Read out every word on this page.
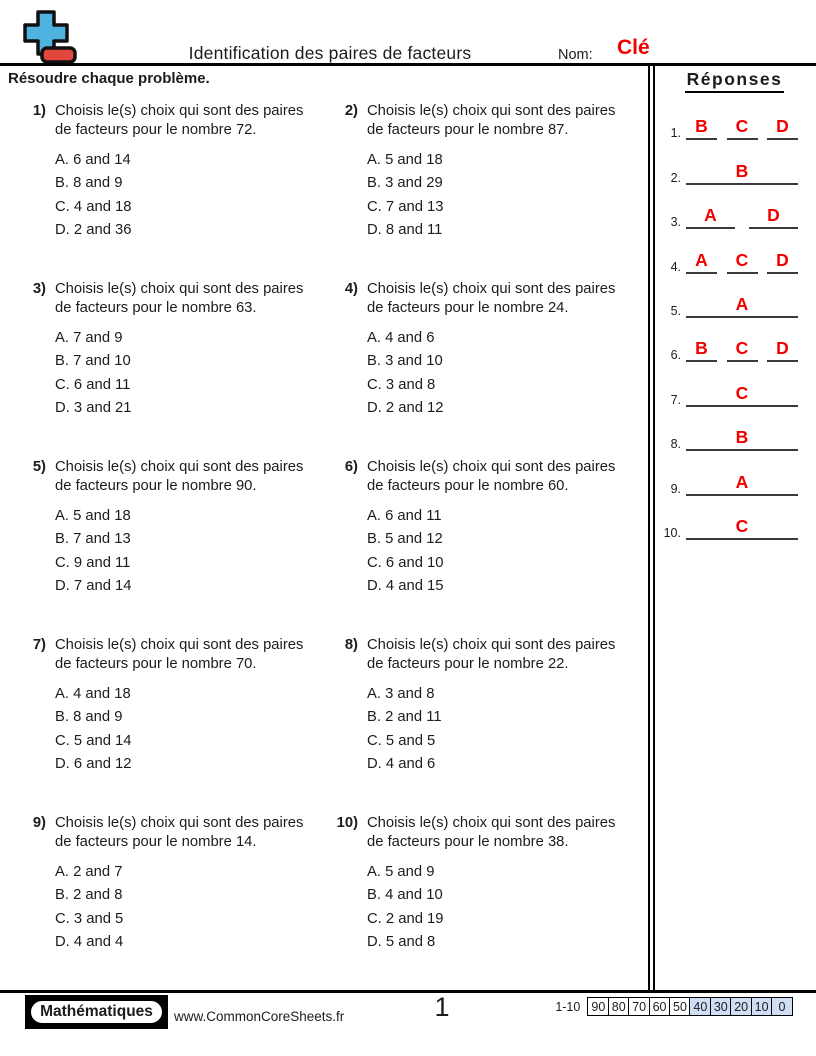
Identification des paires de facteurs	Nom: Clé
Résoudre chaque problème.	Réponses
1. B	C	D
2.	B
3.	A	D
4. A	C	D
5.	A
6. B	C	D
7.	C
8.	B
9.	A
10.	C
1) Choisis le(s) choix qui sont des paires
de facteurs pour le nombre 72.
A. 6 and 14
B. 8 and 9
C. 4 and 18
D. 2 and 36
2) Choisis le(s) choix qui sont des paires
de facteurs pour le nombre 87.
A. 5 and 18
B. 3 and 29
C. 7 and 13
D. 8 and 11
3) Choisis le(s) choix qui sont des paires
de facteurs pour le nombre 63.
A. 7 and 9
B. 7 and 10
C. 6 and 11
D. 3 and 21
4) Choisis le(s) choix qui sont des paires
de facteurs pour le nombre 24.
A. 4 and 6
B. 3 and 10
C. 3 and 8
D. 2 and 12
5) Choisis le(s) choix qui sont des paires
de facteurs pour le nombre 90.
A. 5 and 18
B. 7 and 13
C. 9 and 11
D. 7 and 14
6) Choisis le(s) choix qui sont des paires
de facteurs pour le nombre 60.
A. 6 and 11
B. 5 and 12
C. 6 and 10
D. 4 and 15
7) Choisis le(s) choix qui sont des paires
de facteurs pour le nombre 70.
A. 4 and 18
B. 8 and 9
C. 5 and 14
D. 6 and 12
8) Choisis le(s) choix qui sont des paires
de facteurs pour le nombre 22.
A. 3 and 8
B. 2 and 11
C. 5 and 5
D. 4 and 6
9) Choisis le(s) choix qui sont des paires
de facteurs pour le nombre 14.
A. 2 and 7
B. 2 and 8
C. 3 and 5
D. 4 and 4
10) Choisis le(s) choix qui sont des paires
de facteurs pour le nombre 38.
A. 5 and 9
B. 4 and 10
C. 2 and 19
D. 5 and 8
Mathématiques	www.CommonCoreSheets.fr	1	1-10 90 80 70 60 50 40 30 20 10 0
